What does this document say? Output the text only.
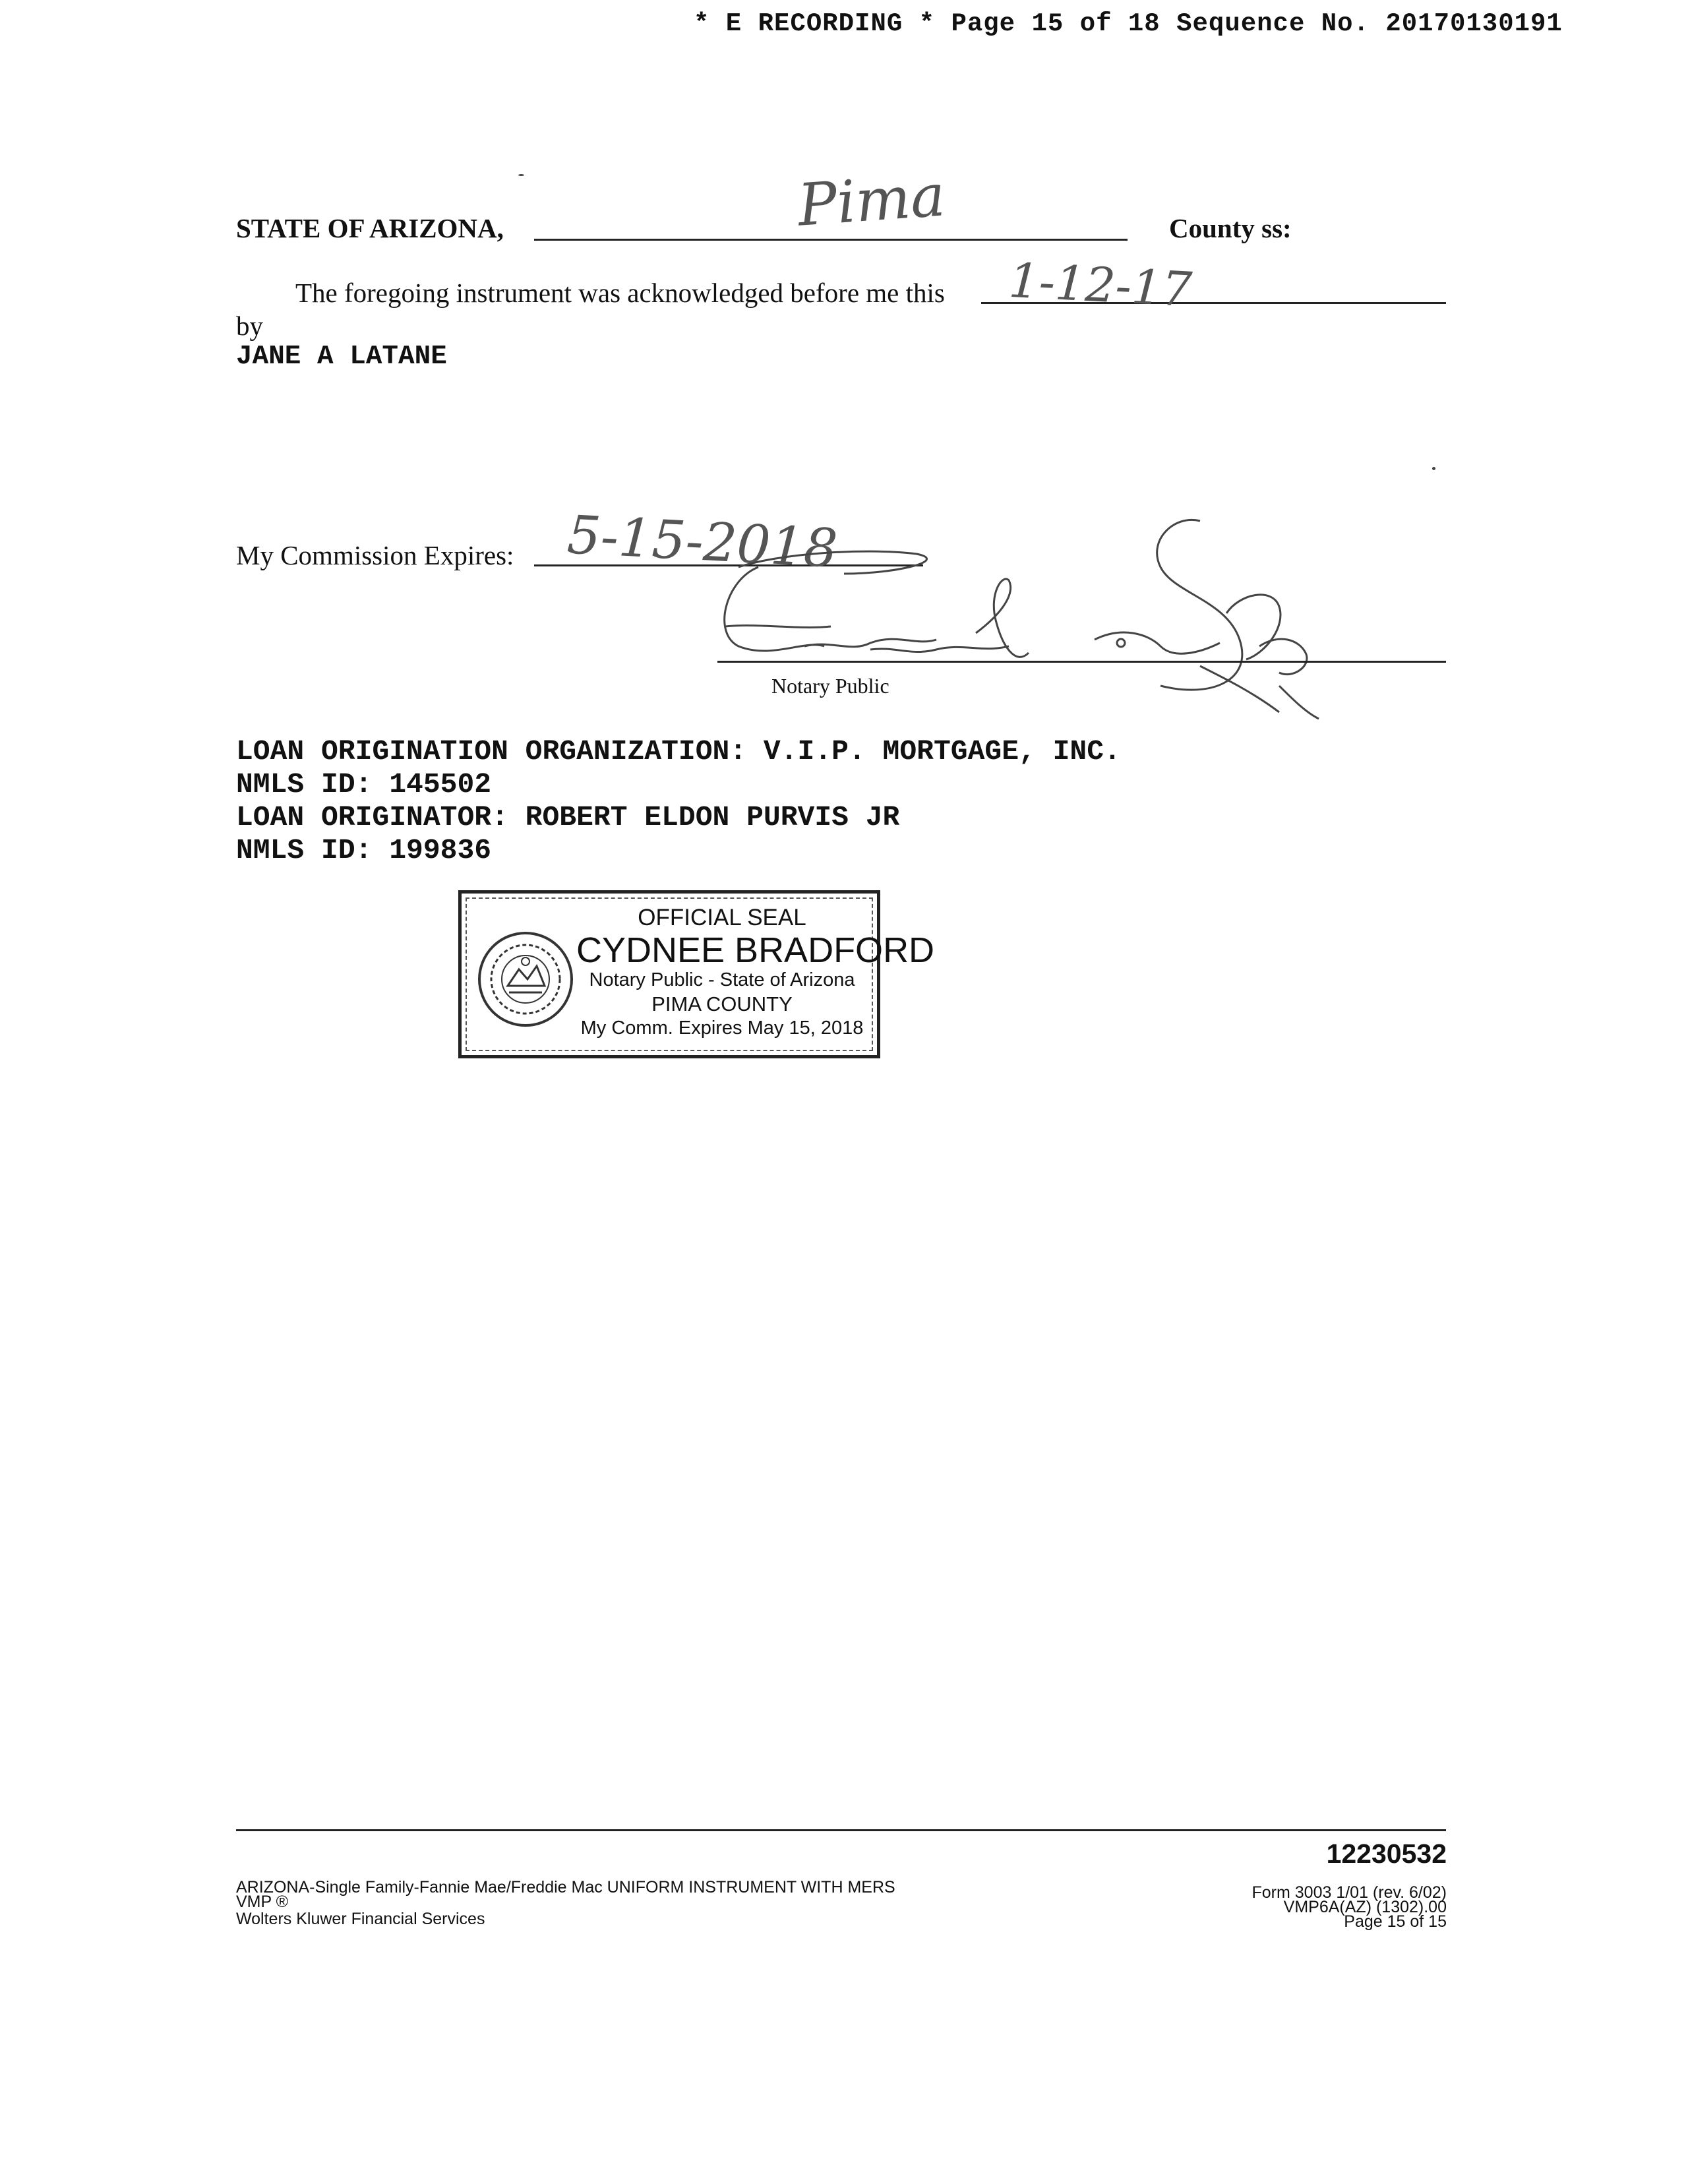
* E RECORDING * Page 15 of 18 Sequence No. 20170130191
STATE OF ARIZONA,	Pima	County ss:
The foregoing instrument was acknowledged before me this 1-12-17
by
JANE A LATANE
My Commission Expires: 5-15-2018
Notary Public
LOAN ORIGINATION ORGANIZATION: V.I.P. MORTGAGE, INC.
NMLS ID: 145502
LOAN ORIGINATOR: ROBERT ELDON PURVIS JR
NMLS ID: 199836
OFFICIAL SEAL
CYDNEE BRADFORD
Notary Public - State of Arizona
PIMA COUNTY
My Comm. Expires May 15, 2018
12230532
ARIZONA-Single Family-Fannie Mae/Freddie Mac UNIFORM INSTRUMENT WITH MERS
VMP ®
Wolters Kluwer Financial Services
Form 3003 1/01 (rev. 6/02)
VMP6A(AZ) (1302).00
Page 15 of 15
